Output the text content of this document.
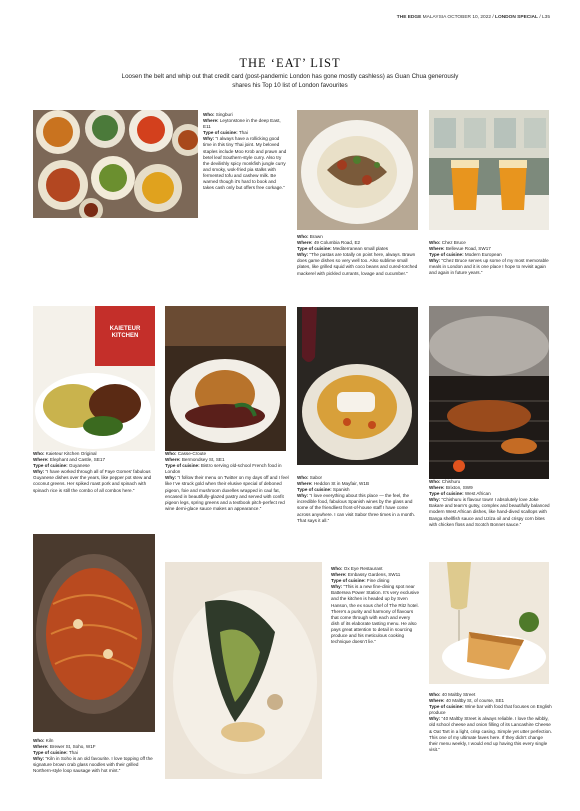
THE EDGE MALAYSIA OCTOBER 10, 2022 / LONDON SPECIAL / L35
THE ‘EAT’ LIST
Loosen the belt and whip out that credit card (post-pandemic London has gone mostly cashless) as Guan Chua generously shares his Top 10 list of London favourites
KAIETEUR KITCHEN

Who: Singburi

Where: Leytonstone in the deep East, E11

Type of cuisine: Thai

Why: “I always have a rollicking good time in this tiny Thai joint. My beloved staples include Moo Krob and prawn and betel leaf Southern-style curry. Also try the devilishly spicy monkfish jungle curry and smoky, wok-fried pia stalks with fermented tofu and cashew milk. Be warned though it’s hard to book and takes cash only but offers free corkage.”

Who: Brawn

Where: 49 Columbia Road, E2

Type of cuisine: Mediterranean small plates

Why: “The pastas are totally on point here, always. Brawn does game dishes so very well too. Also sublime small plates, like grilled squid with coco beans and cured-torched mackerel with pickled currants, lovage and cucumber.”

Who: Chez Bruce

Where: Bellevue Road, SW17

Type of cuisine: Modern European

Why: “Chez Bruce serves up some of my most memorable meals in London and it is one place I hope to revisit again and again in future years.”

Who: Kaieteur Kitchen Original

Where: Elephant and Castle, SE17

Type of cuisine: Guyanese

Why: “I have worked through all of Faye Gomes’ fabulous Guyanese dishes over the years, like pepper pot stew and coconut greens. Her spiked roast pork and spinach with spinach rice is still the combo of all combos here.”

Who: Casse-Croute

Where: Bermondsey St, SE1

Type of cuisine: Bistro serving old-school French food in London

Why: “I follow their menu on Twitter on my days off and I feel like I’ve struck gold when their elusive special of deboned pigeon, foie and mushroom duxelles wrapped in caul fat, encased in beautifully-glazed pastry and served with confit pigeon legs, spring greens and a textbook pitch-perfect red wine demi-glace sauce makes an appearance.”

Who: Sabor

Where: Heddon St in Mayfair, W1B

Type of cuisine: Spanish

Why: “I love everything about this place — the feel, the incredible food, fabulous Spanish wines by the glass and some of the friendliest front-of-house staff I have come across anywhere. I can visit Sabor three times in a month. That says it all.”

Who: Chishuru

Where: Brixton, SW9

Type of cuisine: West African

Why: “Chishuru is flavour town! I absolutely love Joke Bakare and team’s gutsy, complex and beautifully balanced modern West African dishes, like hand-dived scallops with Banga shellfish sauce and Uziza oil and crispy corn bites with chicken floss and Scotch Bonnet sauce.”

Who: Kiln

Where: Brewer St, Soho, W1F

Type of cuisine: Thai

Why: “Kiln in Soho is an old favourite. I love topping off the signature brown crab glass noodles with their grilled Northern-style loop sausage with hot mint.”

Who: Ox Eye Restaurant

Where: Embassy Gardens, SW11

Type of cuisine: Fine dining

Why: “This is a new fine-dining spot near Battersea Power Station. It’s very exclusive and the kitchen is headed up by Sven Hanson, the ex sous chef of The Ritz hotel. There’s a purity and harmony of flavours that come through with each and every dish of its elaborate tasting menu. He also pays great attention to detail in sourcing produce and his meticulous cooking technique doesn’t lie.”

Who: 40 Maltby Street

Where: 40 Maltby St, of course, SE1

Type of cuisine: Wine bar with food that focuses on English produce

Why: “40 Maltby Street is always reliable. I love the wibbly, old school cheese and onion filling of its Lancashire Cheese & Oat Tart in a light, crisp casing. Simple yet utter perfection. This one of my ultimate faves here. If they didn’t change their menu weekly, I would end up having this every single visit.”
